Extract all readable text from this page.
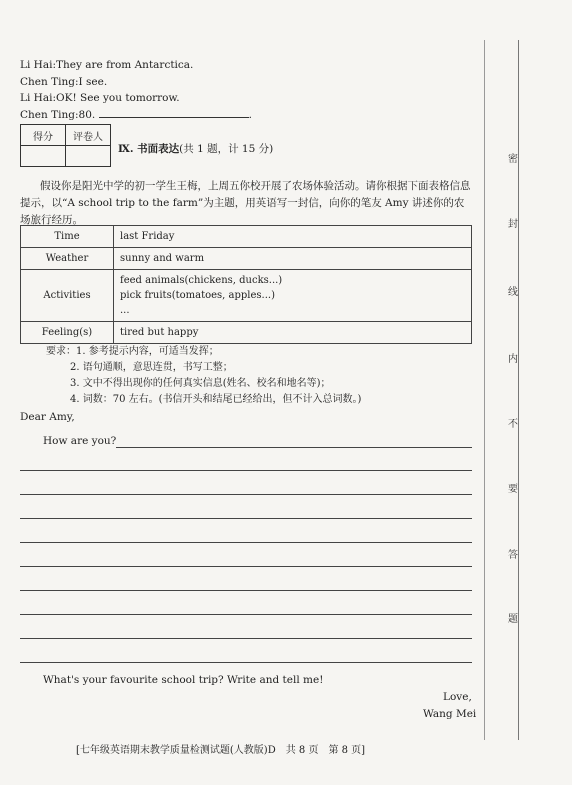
Li Hai:They are from Antarctica.
Chen Ting:I see.
Li Hai:OK! See you tomorrow.
Chen Ting:80.	.
得分	评卷人

Ⅸ. 书面表达(共 1 题，计 15 分)
假设你是阳光中学的初一学生王梅，上周五你校开展了农场体验活动。请你根据下面表格信息提示，以“A school trip to the farm”为主题，用英语写一封信，向你的笔友 Amy 讲述你的农场旅行经历。
Time	last Friday
Weather	sunny and warm
Activities	feed animals(chickens, ducks...)
pick fruits(tomatoes, apples...)
...

Feeling(s)	tired but happy
要求：1. 参考提示内容，可适当发挥；
2. 语句通顺，意思连贯，书写工整；
3. 文中不得出现你的任何真实信息(姓名、校名和地名等)；
4. 词数：70 左右。(书信开头和结尾已经给出，但不计入总词数。)
Dear Amy,
How are you?
What's your favourite school trip? Write and tell me!
Love,
Wang Mei
[七年级英语期末教学质量检测试题(人教版)D　共 8 页　第 8 页]
密
封
线
内
不
要
答
题
